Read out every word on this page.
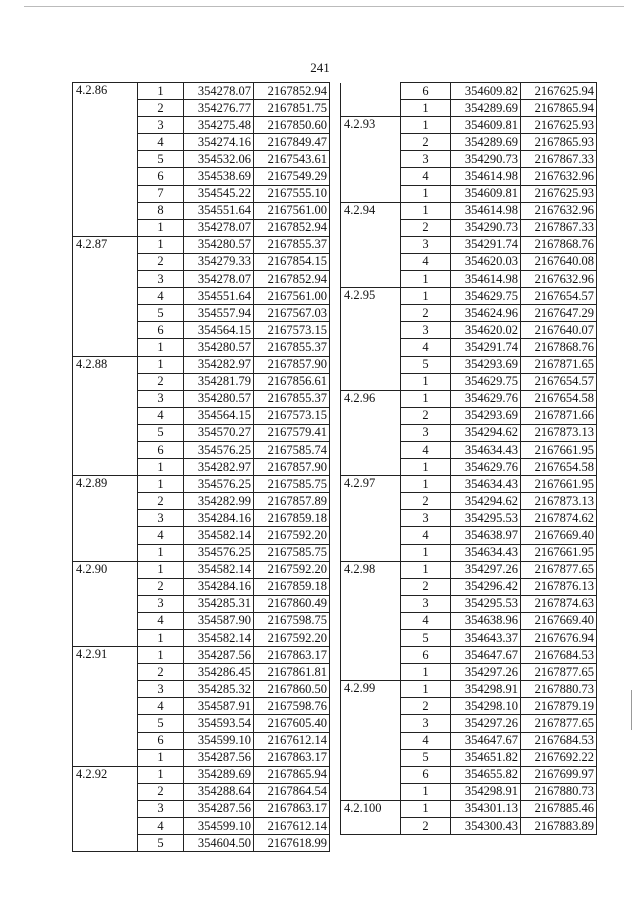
241
4.2.86	1	354278.07	2167852.94
	2	354276.77	2167851.75
	3	354275.48	2167850.60
	4	354274.16	2167849.47
	5	354532.06	2167543.61
	6	354538.69	2167549.29
	7	354545.22	2167555.10
	8	354551.64	2167561.00
	1	354278.07	2167852.94
4.2.87	1	354280.57	2167855.37
	2	354279.33	2167854.15
	3	354278.07	2167852.94
	4	354551.64	2167561.00
	5	354557.94	2167567.03
	6	354564.15	2167573.15
	1	354280.57	2167855.37
4.2.88	1	354282.97	2167857.90
	2	354281.79	2167856.61
	3	354280.57	2167855.37
	4	354564.15	2167573.15
	5	354570.27	2167579.41
	6	354576.25	2167585.74
	1	354282.97	2167857.90
4.2.89	1	354576.25	2167585.75
	2	354282.99	2167857.89
	3	354284.16	2167859.18
	4	354582.14	2167592.20
	1	354576.25	2167585.75
4.2.90	1	354582.14	2167592.20
	2	354284.16	2167859.18
	3	354285.31	2167860.49
	4	354587.90	2167598.75
	1	354582.14	2167592.20
4.2.91	1	354287.56	2167863.17
	2	354286.45	2167861.81
	3	354285.32	2167860.50
	4	354587.91	2167598.76
	5	354593.54	2167605.40
	6	354599.10	2167612.14
	1	354287.56	2167863.17
4.2.92	1	354289.69	2167865.94
	2	354288.64	2167864.54
	3	354287.56	2167863.17
	4	354599.10	2167612.14
	5	354604.50	2167618.99
	6	354609.82	2167625.94
	1	354289.69	2167865.94
4.2.93	1	354609.81	2167625.93
	2	354289.69	2167865.93
	3	354290.73	2167867.33
	4	354614.98	2167632.96
	1	354609.81	2167625.93
4.2.94	1	354614.98	2167632.96
	2	354290.73	2167867.33
	3	354291.74	2167868.76
	4	354620.03	2167640.08
	1	354614.98	2167632.96
4.2.95	1	354629.75	2167654.57
	2	354624.96	2167647.29
	3	354620.02	2167640.07
	4	354291.74	2167868.76
	5	354293.69	2167871.65
	1	354629.75	2167654.57
4.2.96	1	354629.76	2167654.58
	2	354293.69	2167871.66
	3	354294.62	2167873.13
	4	354634.43	2167661.95
	1	354629.76	2167654.58
4.2.97	1	354634.43	2167661.95
	2	354294.62	2167873.13
	3	354295.53	2167874.62
	4	354638.97	2167669.40
	1	354634.43	2167661.95
4.2.98	1	354297.26	2167877.65
	2	354296.42	2167876.13
	3	354295.53	2167874.63
	4	354638.96	2167669.40
	5	354643.37	2167676.94
	6	354647.67	2167684.53
	1	354297.26	2167877.65
4.2.99	1	354298.91	2167880.73
	2	354298.10	2167879.19
	3	354297.26	2167877.65
	4	354647.67	2167684.53
	5	354651.82	2167692.22
	6	354655.82	2167699.97
	1	354298.91	2167880.73
4.2.100	1	354301.13	2167885.46
	2	354300.43	2167883.89
